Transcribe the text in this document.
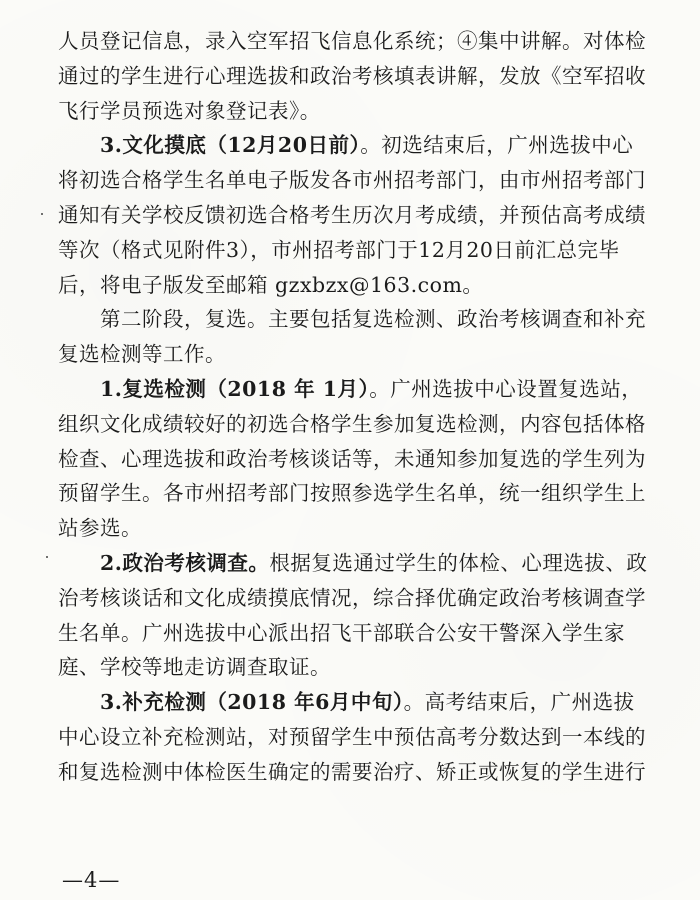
人员登记信息，录入空军招飞信息化系统；④集中讲解。对体检
通过的学生进行心理选拔和政治考核填表讲解，发放《空军招收
飞行学员预选对象登记表》。
3.文化摸底（12月20日前）。初选结束后，广州选拔中心
将初选合格学生名单电子版发各市州招考部门，由市州招考部门
通知有关学校反馈初选合格考生历次月考成绩，并预估高考成绩
等次（格式见附件3），市州招考部门于12月20日前汇总完毕
后，将电子版发至邮箱 gzxbzx@163.com。
第二阶段，复选。主要包括复选检测、政治考核调查和补充
复选检测等工作。
1.复选检测（2018 年 1月）。广州选拔中心设置复选站，
组织文化成绩较好的初选合格学生参加复选检测，内容包括体格
检查、心理选拔和政治考核谈话等，未通知参加复选的学生列为
预留学生。各市州招考部门按照参选学生名单，统一组织学生上
站参选。
2.政治考核调查。根据复选通过学生的体检、心理选拔、政
治考核谈话和文化成绩摸底情况，综合择优确定政治考核调查学
生名单。广州选拔中心派出招飞干部联合公安干警深入学生家
庭、学校等地走访调查取证。
3.补充检测（2018 年6月中旬）。高考结束后，广州选拔
中心设立补充检测站，对预留学生中预估高考分数达到一本线的
和复选检测中体检医生确定的需要治疗、矫正或恢复的学生进行
—4—
